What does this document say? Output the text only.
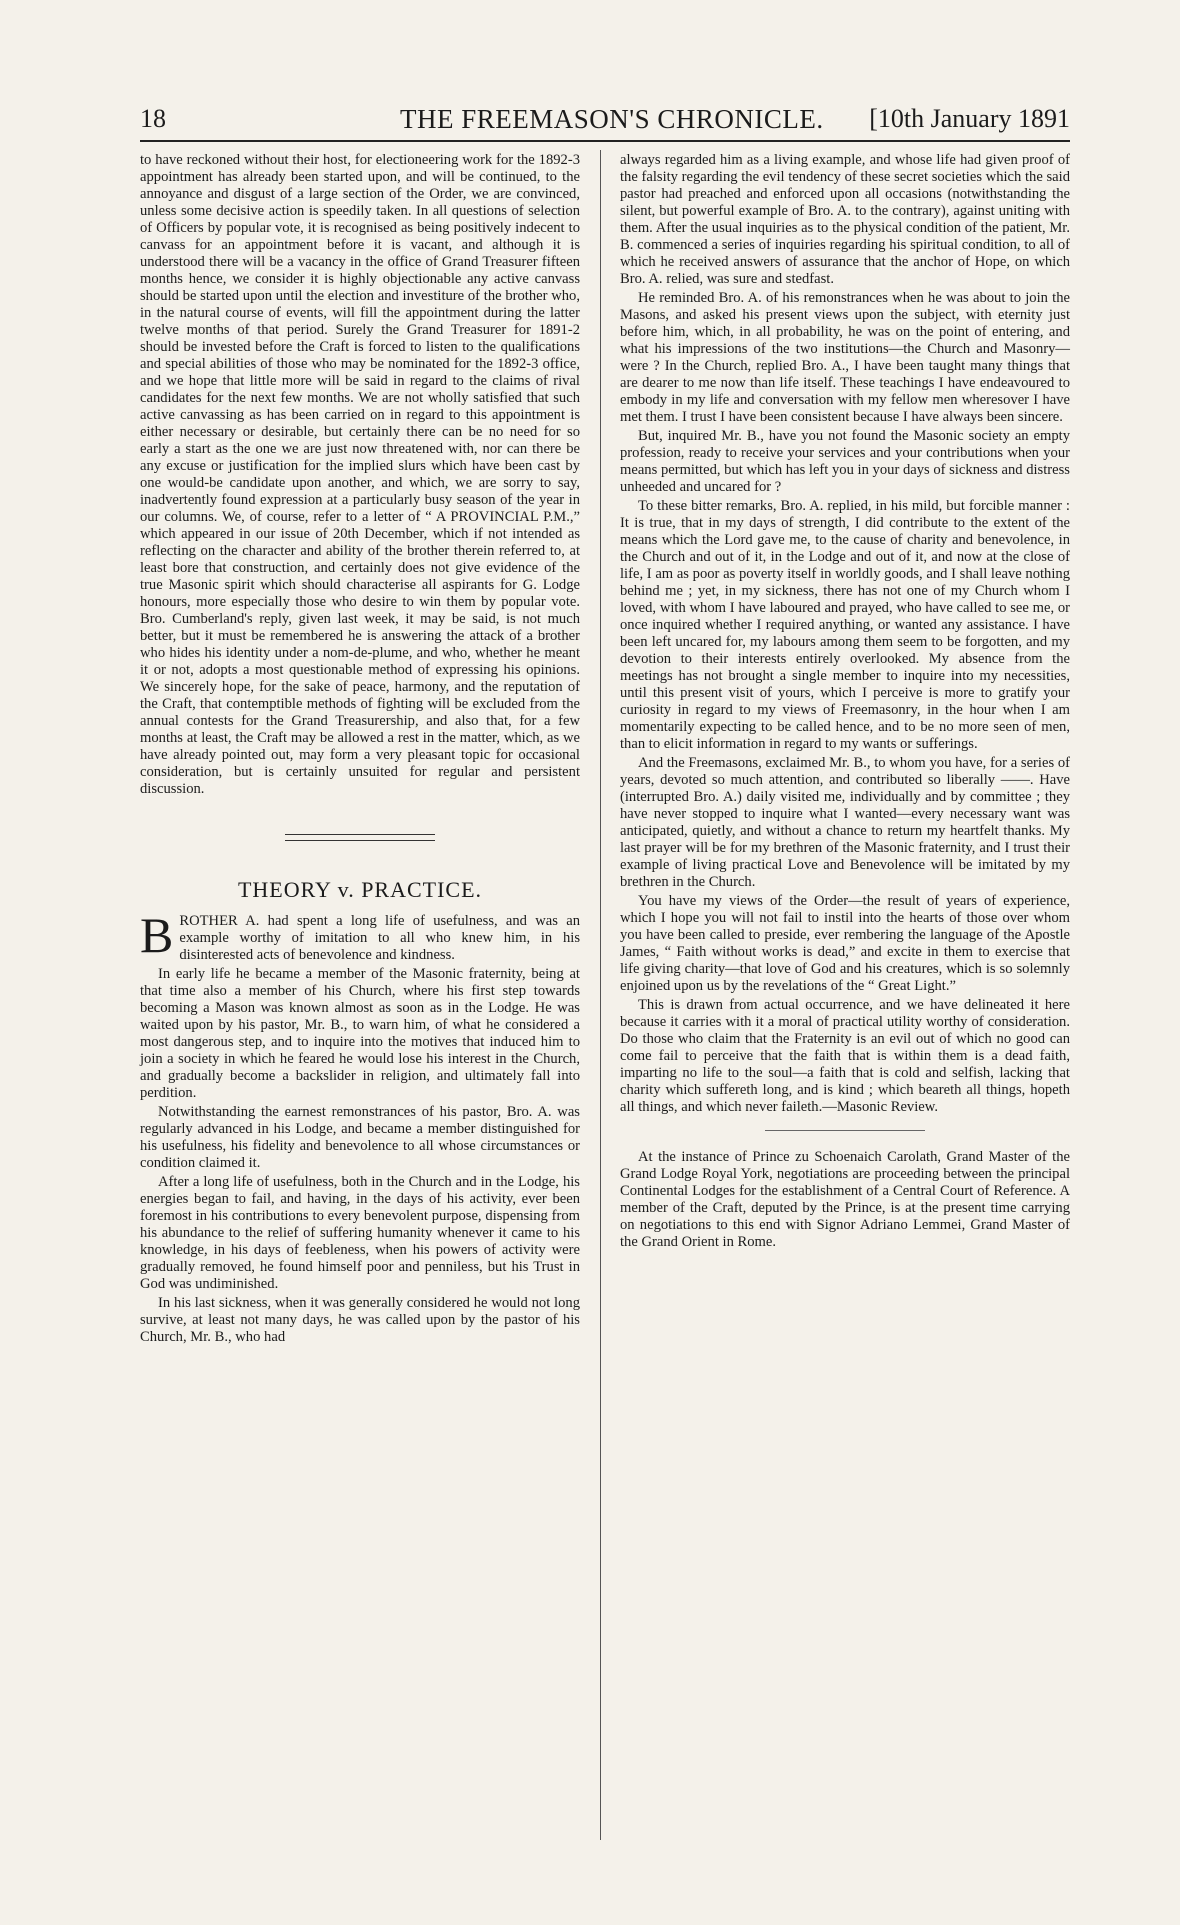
18	THE FREEMASON'S CHRONICLE. [10th January 1891

to have reckoned without their host, for electioneering work for the 1892-3 appointment has already been started upon, and will be continued, to the annoyance and disgust of a large section of the Order, we are convinced, unless some decisive action is speedily taken. In all questions of selection of Officers by popular vote, it is recognised as being positively indecent to canvass for an appointment before it is vacant, and although it is understood there will be a vacancy in the office of Grand Treasurer fifteen months hence, we consider it is highly objectionable any active canvass should be started upon until the election and investiture of the brother who, in the natural course of events, will fill the appointment during the latter twelve months of that period. Surely the Grand Treasurer for 1891-2 should be invested before the Craft is forced to listen to the qualifications and special abilities of those who may be nominated for the 1892-3 office, and we hope that little more will be said in regard to the claims of rival candidates for the next few months. We are not wholly satisfied that such active canvassing as has been carried on in regard to this appointment is either necessary or desirable, but certainly there can be no need for so early a start as the one we are just now threatened with, nor can there be any excuse or justification for the implied slurs which have been cast by one would-be candidate upon another, and which, we are sorry to say, inadvertently found expression at a particularly busy season of the year in our columns. We, of course, refer to a letter of “ A PROVINCIAL P.M.,” which appeared in our issue of 20th December, which if not intended as reflecting on the character and ability of the brother therein referred to, at least bore that construction, and certainly does not give evidence of the true Masonic spirit which should characterise all aspirants for G. Lodge honours, more especially those who desire to win them by popular vote. Bro. Cumberland's reply, given last week, it may be said, is not much better, but it must be remembered he is answering the attack of a brother who hides his identity under a nom-de-plume, and who, whether he meant it or not, adopts a most questionable method of expressing his opinions. We sincerely hope, for the sake of peace, harmony, and the reputation of the Craft, that contemptible methods of fighting will be excluded from the annual contests for the Grand Treasurership, and also that, for a few months at least, the Craft may be allowed a rest in the matter, which, as we have already pointed out, may form a very pleasant topic for occasional consideration, but is certainly unsuited for regular and persistent discussion.

THEORY v. PRACTICE.

BROTHER A. had spent a long life of usefulness, and was an example worthy of imitation to all who knew him, in his disinterested acts of benevolence and kindness.

In early life he became a member of the Masonic fraternity, being at that time also a member of his Church, where his first step towards becoming a Mason was known almost as soon as in the Lodge. He was waited upon by his pastor, Mr. B., to warn him, of what he considered a most dangerous step, and to inquire into the motives that induced him to join a society in which he feared he would lose his interest in the Church, and gradually become a backslider in religion, and ultimately fall into perdition.

Notwithstanding the earnest remonstrances of his pastor, Bro. A. was regularly advanced in his Lodge, and became a member distinguished for his usefulness, his fidelity and benevolence to all whose circumstances or condition claimed it.

After a long life of usefulness, both in the Church and in the Lodge, his energies began to fail, and having, in the days of his activity, ever been foremost in his contributions to every benevolent purpose, dispensing from his abundance to the relief of suffering humanity whenever it came to his knowledge, in his days of feebleness, when his powers of activity were gradually removed, he found himself poor and penniless, but his Trust in God was undiminished.

In his last sickness, when it was generally considered he would not long survive, at least not many days, he was called upon by the pastor of his Church, Mr. B., who had

always regarded him as a living example, and whose life had given proof of the falsity regarding the evil tendency of these secret societies which the said pastor had preached and enforced upon all occasions (notwithstanding the silent, but powerful example of Bro. A. to the contrary), against uniting with them. After the usual inquiries as to the physical condition of the patient, Mr. B. commenced a series of inquiries regarding his spiritual condition, to all of which he received answers of assurance that the anchor of Hope, on which Bro. A. relied, was sure and stedfast.

He reminded Bro. A. of his remonstrances when he was about to join the Masons, and asked his present views upon the subject, with eternity just before him, which, in all probability, he was on the point of entering, and what his impressions of the two institutions—the Church and Masonry—were ? In the Church, replied Bro. A., I have been taught many things that are dearer to me now than life itself. These teachings I have endeavoured to embody in my life and conversation with my fellow men wheresover I have met them. I trust I have been consistent because I have always been sincere.

But, inquired Mr. B., have you not found the Masonic society an empty profession, ready to receive your services and your contributions when your means permitted, but which has left you in your days of sickness and distress unheeded and uncared for ?

To these bitter remarks, Bro. A. replied, in his mild, but forcible manner : It is true, that in my days of strength, I did contribute to the extent of the means which the Lord gave me, to the cause of charity and benevolence, in the Church and out of it, in the Lodge and out of it, and now at the close of life, I am as poor as poverty itself in worldly goods, and I shall leave nothing behind me ; yet, in my sickness, there has not one of my Church whom I loved, with whom I have laboured and prayed, who have called to see me, or once inquired whether I required anything, or wanted any assistance. I have been left uncared for, my labours among them seem to be forgotten, and my devotion to their interests entirely overlooked. My absence from the meetings has not brought a single member to inquire into my necessities, until this present visit of yours, which I perceive is more to gratify your curiosity in regard to my views of Freemasonry, in the hour when I am momentarily expecting to be called hence, and to be no more seen of men, than to elicit information in regard to my wants or sufferings.

And the Freemasons, exclaimed Mr. B., to whom you have, for a series of years, devoted so much attention, and contributed so liberally ——. Have (interrupted Bro. A.) daily visited me, individually and by committee ; they have never stopped to inquire what I wanted—every necessary want was anticipated, quietly, and without a chance to return my heartfelt thanks. My last prayer will be for my brethren of the Masonic fraternity, and I trust their example of living practical Love and Benevolence will be imitated by my brethren in the Church.

You have my views of the Order—the result of years of experience, which I hope you will not fail to instil into the hearts of those over whom you have been called to preside, ever rembering the language of the Apostle James, “ Faith without works is dead,” and excite in them to exercise that life giving charity—that love of God and his creatures, which is so solemnly enjoined upon us by the revelations of the “ Great Light.”

This is drawn from actual occurrence, and we have delineated it here because it carries with it a moral of practical utility worthy of consideration. Do those who claim that the Fraternity is an evil out of which no good can come fail to perceive that the faith that is within them is a dead faith, imparting no life to the soul—a faith that is cold and selfish, lacking that charity which suffereth long, and is kind ; which beareth all things, hopeth all things, and which never faileth.—Masonic Review.

At the instance of Prince zu Schoenaich Carolath, Grand Master of the Grand Lodge Royal York, negotiations are proceeding between the principal Continental Lodges for the establishment of a Central Court of Reference. A member of the Craft, deputed by the Prince, is at the present time carrying on negotiations to this end with Signor Adriano Lemmei, Grand Master of the Grand Orient in Rome.
